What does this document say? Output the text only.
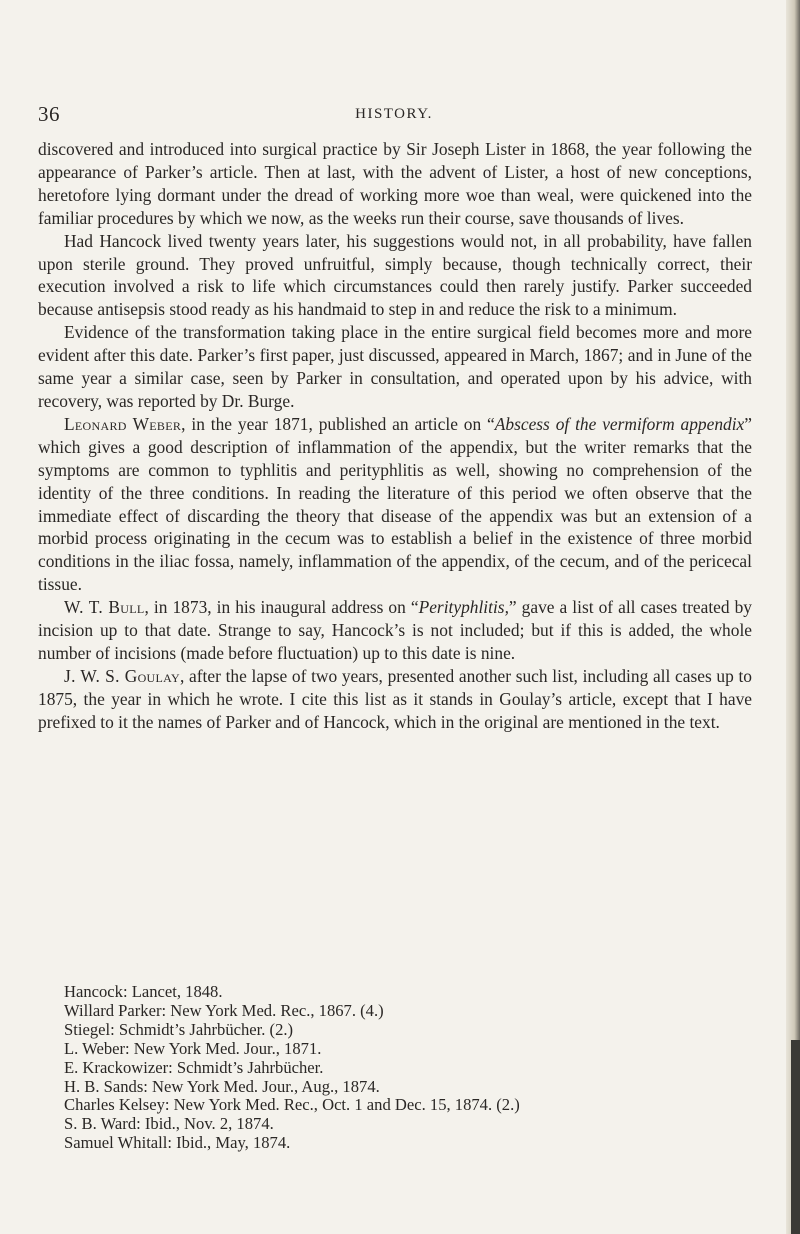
36	HISTORY.

discovered and introduced into surgical practice by Sir Joseph Lister in 1868, the year following the appearance of Parker’s article. Then at last, with the advent of Lister, a host of new conceptions, heretofore lying dormant under the dread of working more woe than weal, were quickened into the familiar procedures by which we now, as the weeks run their course, save thousands of lives.

Had Hancock lived twenty years later, his suggestions would not, in all probability, have fallen upon sterile ground. They proved unfruitful, simply because, though technically correct, their execution involved a risk to life which circumstances could then rarely justify. Parker succeeded because antisepsis stood ready as his handmaid to step in and reduce the risk to a minimum.

Evidence of the transformation taking place in the entire surgical field becomes more and more evident after this date. Parker’s first paper, just discussed, appeared in March, 1867; and in June of the same year a similar case, seen by Parker in consultation, and operated upon by his advice, with recovery, was reported by Dr. Burge.

Leonard Weber, in the year 1871, published an article on “Abscess of the vermiform appendix” which gives a good description of inflammation of the appendix, but the writer remarks that the symptoms are common to typhlitis and perityphlitis as well, showing no comprehension of the identity of the three conditions. In reading the literature of this period we often observe that the immediate effect of discarding the theory that disease of the appendix was but an extension of a morbid process originating in the cecum was to establish a belief in the existence of three morbid conditions in the iliac fossa, namely, inflammation of the appendix, of the cecum, and of the pericecal tissue.

W. T. Bull, in 1873, in his inaugural address on “Perityphlitis,” gave a list of all cases treated by incision up to that date. Strange to say, Hancock’s is not included; but if this is added, the whole number of incisions (made before fluctuation) up to this date is nine.

J. W. S. Goulay, after the lapse of two years, presented another such list, including all cases up to 1875, the year in which he wrote. I cite this list as it stands in Goulay’s article, except that I have prefixed to it the names of Parker and of Hancock, which in the original are mentioned in the text.

Hancock: Lancet, 1848.
Willard Parker: New York Med. Rec., 1867. (4.)
Stiegel: Schmidt’s Jahrbücher. (2.)
L. Weber: New York Med. Jour., 1871.
E. Krackowizer: Schmidt’s Jahrbücher.
H. B. Sands: New York Med. Jour., Aug., 1874.
Charles Kelsey: New York Med. Rec., Oct. 1 and Dec. 15, 1874. (2.)
S. B. Ward: Ibid., Nov. 2, 1874.
Samuel Whitall: Ibid., May, 1874.
